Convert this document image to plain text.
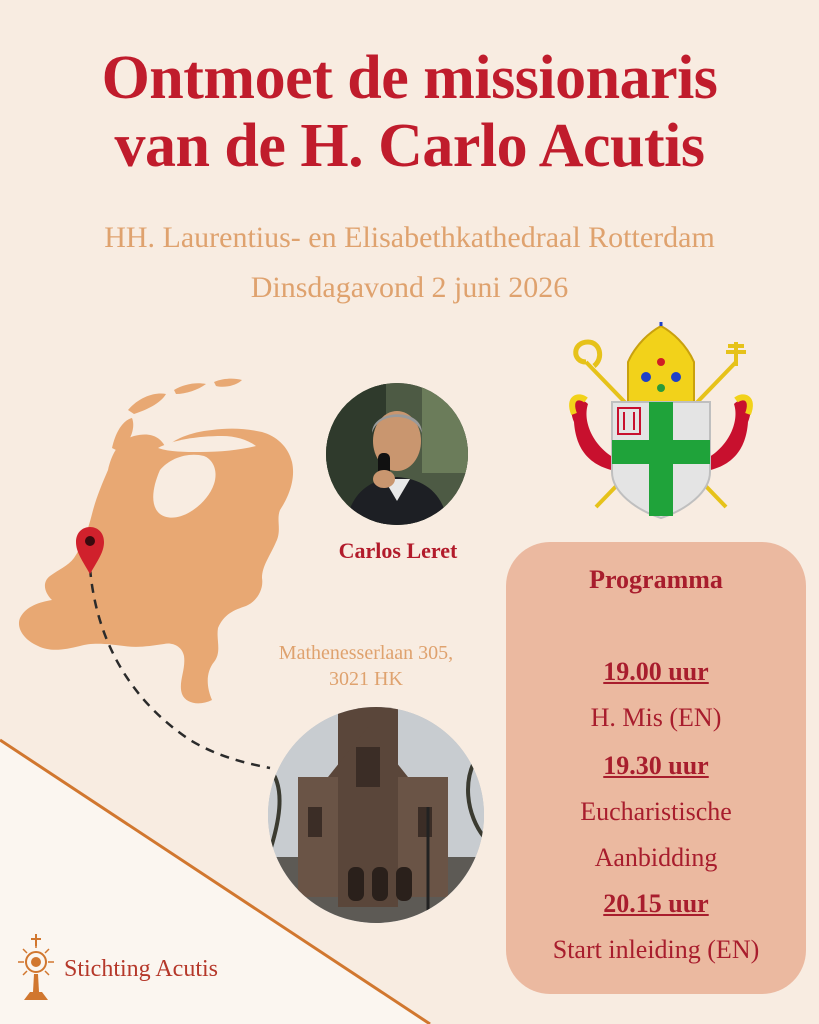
Ontmoet de missionaris
van de H. Carlo Acutis
HH. Laurentius- en Elisabethkathedraal Rotterdam
Dinsdagavond 2 juni 2026
Carlos Leret
Mathenesserlaan 305,
3021 HK
Programma
19.00 uur
H. Mis (EN)
19.30 uur
Eucharistische
Aanbidding
20.15 uur
Start inleiding (EN)
Stichting Acutis
